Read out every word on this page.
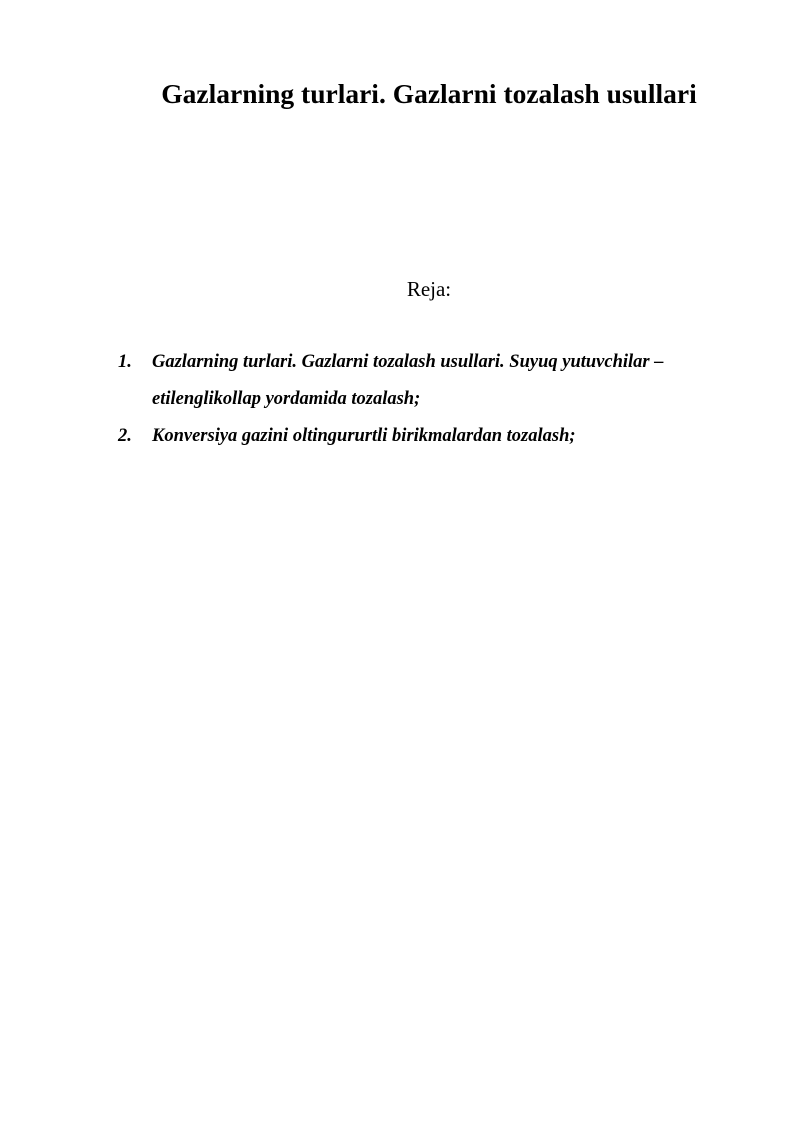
Gazlarning turlari. Gazlarni tozalash usullari

Reja:

1. Gazlarning turlari. Gazlarni tozalash usullari. Suyuq yutuvchilar – etilenglikollap yordamida tozalash;
2. Konversiya gazini oltingururtli birikmalardan tozalash;
